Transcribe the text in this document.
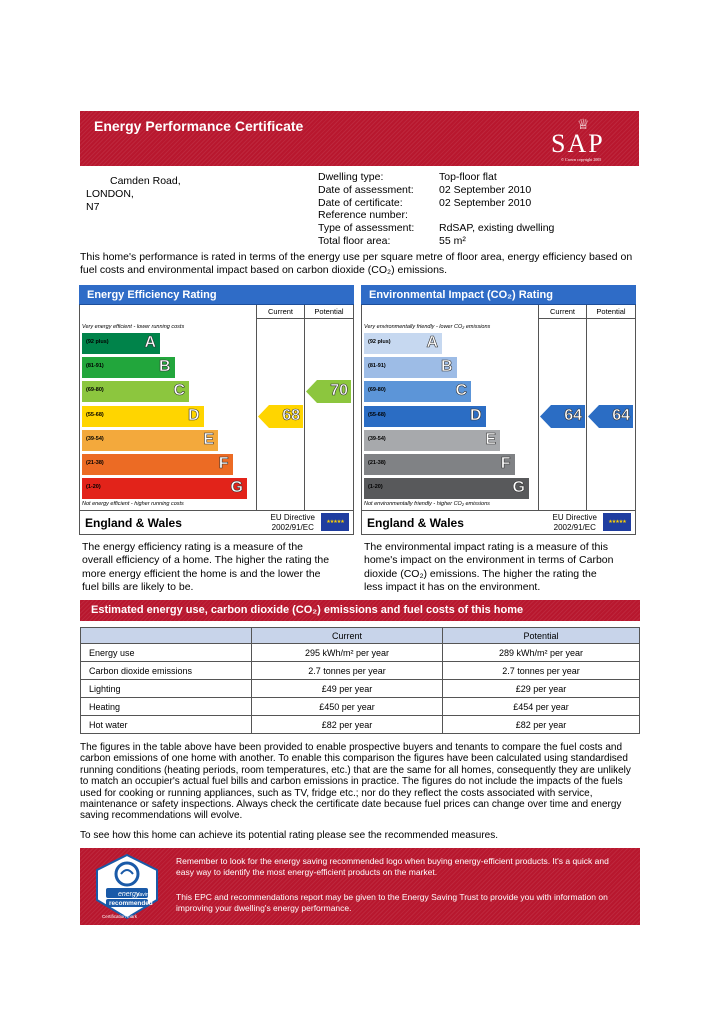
Energy Performance Certificate	♕
SAP
© Crown copyright 2005
Camden Road,
LONDON,
N7
Dwelling type:	Top-floor flat
Date of assessment: 02 September 2010
Date of certificate:	02 September 2010
Reference number:
Type of assessment: RdSAP, existing dwelling
Total floor area:	55 m²
This home's performance is rated in terms of the energy use per square metre of floor area, energy efficiency based on fuel costs and environmental impact based on carbon dioxide (CO₂) emissions.
Energy Efficiency Rating
Current	Potential
Very energy efficient - lower running costs
Not energy efficient - higher running costs
(92 plus) A
(81-91)	B
(69-80)	C
(55-68)	D
(39-54)	E
(21-38)	F
(1-20)	G
68
70
England & Wales	EU Directive
2002/91/EC
★★★★★
Environmental Impact (CO₂) Rating
Current	Potential
Very environmentally friendly - lower CO₂ emissions
Not environmentally friendly - higher CO₂ emissions
(92 plus) A
(81-91)	B
(69-80)	C
(55-68)	D
(39-54)	E
(21-38)	F
(1-20)	G
64 64
England & Wales	EU Directive
2002/91/EC
★★★★★
The energy efficiency rating is a measure of the overall efficiency of a home. The higher the rating the more energy efficient the home is and the lower the fuel bills are likely to be.
The environmental impact rating is a measure of this home's impact on the environment in terms of Carbon dioxide (CO₂) emissions. The higher the rating the less impact it has on the environment.
Estimated energy use, carbon dioxide (CO₂) emissions and fuel costs of this home
	Current	Potential
Energy use	295 kWh/m² per year	289 kWh/m² per year
Carbon dioxide emissions	2.7 tonnes per year	2.7 tonnes per year
Lighting	£49 per year	£29 per year
Heating	£450 per year	£454 per year
Hot water	£82 per year	£82 per year
The figures in the table above have been provided to enable prospective buyers and tenants to compare the fuel costs and carbon emissions of one home with another. To enable this comparison the figures have been calculated using standardised running conditions (heating periods, room temperatures, etc.) that are the same for all homes, consequently they are unlikely to match an occupier's actual fuel bills and carbon emissions in practice. The figures do not include the impacts of the fuels used for cooking or running appliances, such as TV, fridge etc.; nor do they reflect the costs associated with service, maintenance or safety inspections. Always check the certificate date because fuel prices can change over time and energy saving recommendations will evolve.
To see how this home can achieve its potential rating please see the recommended measures.
energy
saving
recommended
Certification mark
Remember to look for the energy saving recommended logo when buying energy-efficient products. It's a quick and easy way to identify the most energy-efficient products on the market.
This EPC and recommendations report may be given to the Energy Saving Trust to provide you with information on improving your dwelling's energy performance.
